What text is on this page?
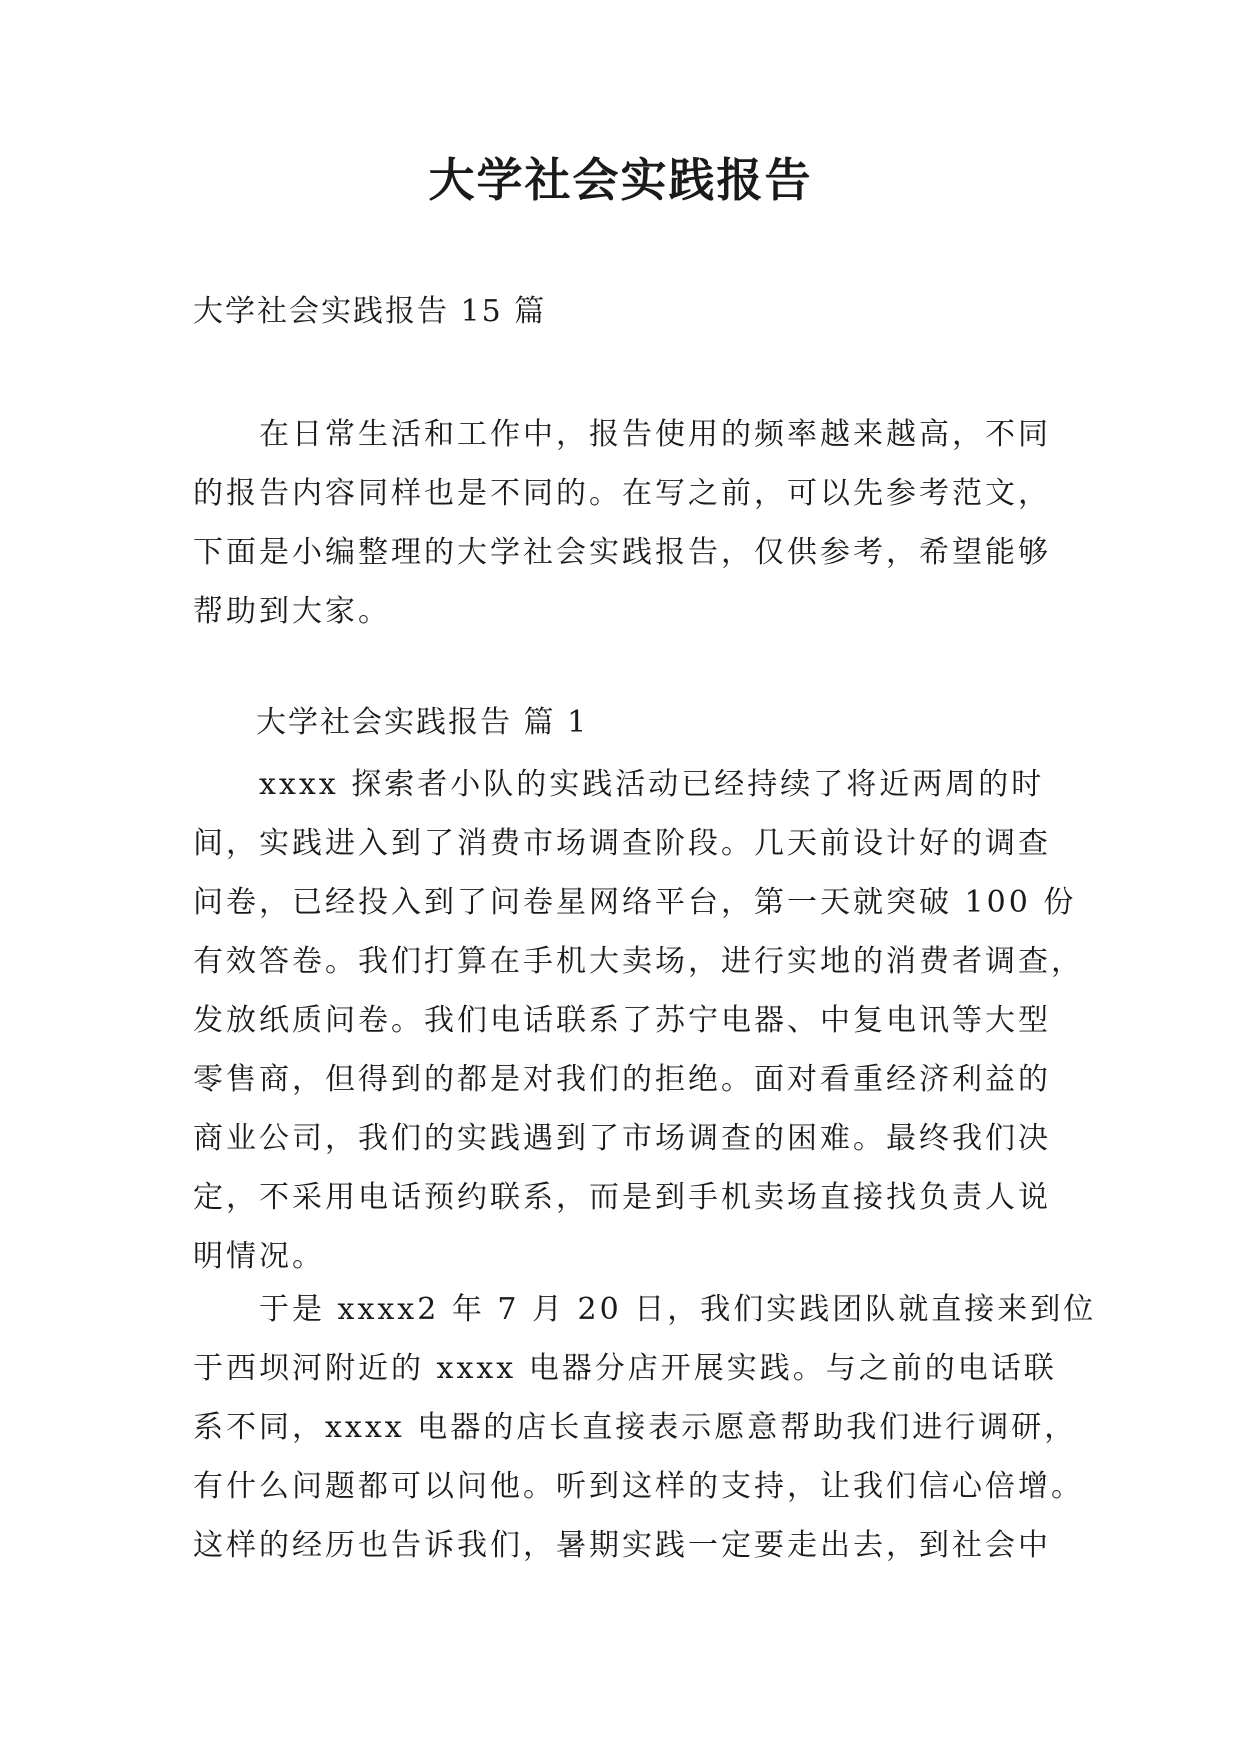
大学社会实践报告

大学社会实践报告 15 篇

　　在日常生活和工作中，报告使用的频率越来越高，不同
的报告内容同样也是不同的。在写之前，可以先参考范文，
下面是小编整理的大学社会实践报告，仅供参考，希望能够
帮助到大家。

大学社会实践报告 篇 1

　　xxxx 探索者小队的实践活动已经持续了将近两周的时
间，实践进入到了消费市场调查阶段。几天前设计好的调查
问卷，已经投入到了问卷星网络平台，第一天就突破 100 份
有效答卷。我们打算在手机大卖场，进行实地的消费者调查，
发放纸质问卷。我们电话联系了苏宁电器、中复电讯等大型
零售商，但得到的都是对我们的拒绝。面对看重经济利益的
商业公司，我们的实践遇到了市场调查的困难。最终我们决
定，不采用电话预约联系，而是到手机卖场直接找负责人说
明情况。
　　于是 xxxx2 年 7 月 20 日，我们实践团队就直接来到位
于西坝河附近的 xxxx 电器分店开展实践。与之前的电话联
系不同，xxxx 电器的店长直接表示愿意帮助我们进行调研，
有什么问题都可以问他。听到这样的支持，让我们信心倍增。
这样的经历也告诉我们，暑期实践一定要走出去，到社会中
